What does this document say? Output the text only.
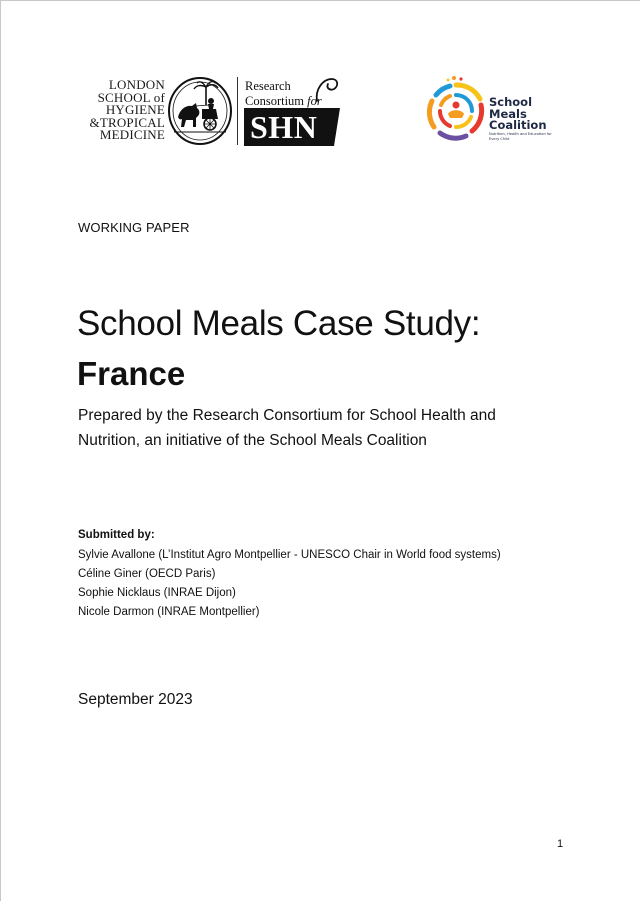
LONDON
SCHOOL of
HYGIENE
&TROPICAL
MEDICINE
Research
Consortium for
SHN
School
Meals
Coalition
Nutrition, Health and Education for Every Child
WORKING PAPER
School Meals Case Study:
France
Prepared by the Research Consortium for School Health and Nutrition, an initiative of the School Meals Coalition
Submitted by:
Sylvie Avallone (L’Institut Agro Montpellier - UNESCO Chair in World food systems)
Céline Giner (OECD Paris)
Sophie Nicklaus (INRAE Dijon)
Nicole Darmon (INRAE Montpellier)
September 2023
1
